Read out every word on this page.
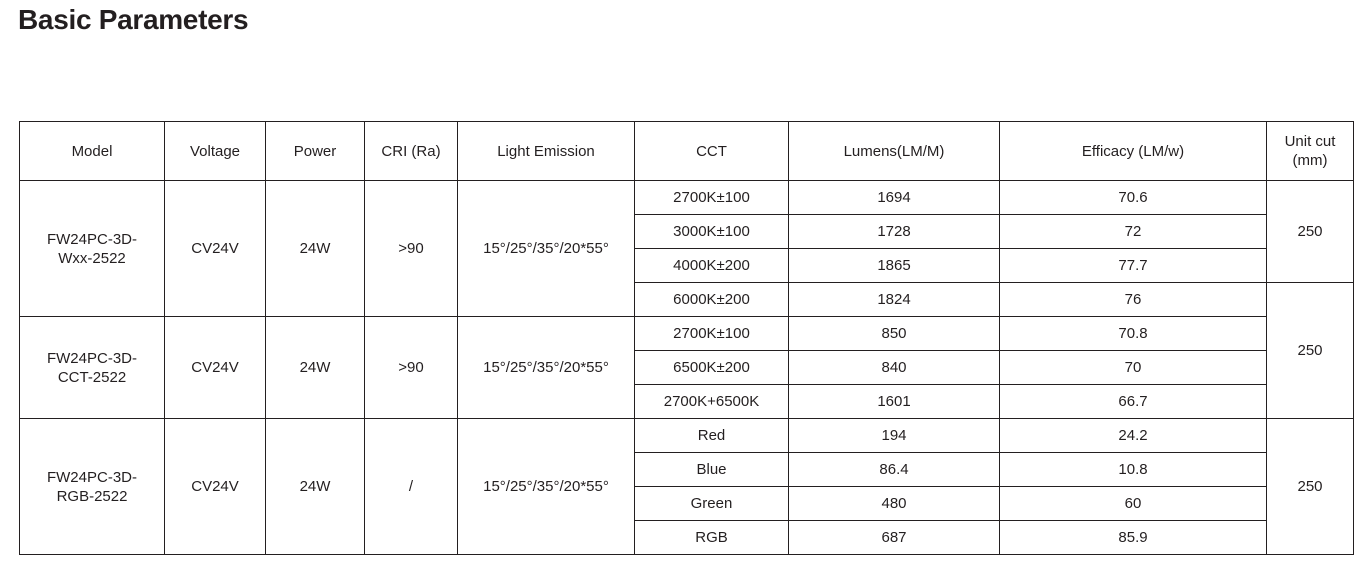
Basic Parameters
Model	Voltage	Power	CRI (Ra)	Light Emission	CCT	Lumens(LM/M)	Efficacy (LM/w)	Unit cut
(mm)
FW24PC-3D-
Wxx-2522	CV24V	24W	>90	15°/25°/35°/20*55°	2700K±100	1694	70.6	250
					3000K±100	1728	72	
					4000K±200	1865	77.7	
					6000K±200	1824	76	250
FW24PC-3D-
CCT-2522	CV24V	24W	>90	15°/25°/35°/20*55°	2700K±100	850	70.8	
					6500K±200	840	70	
					2700K+6500K	1601	66.7	
FW24PC-3D-
RGB-2522	CV24V	24W	/	15°/25°/35°/20*55°	Red	194	24.2	250
					Blue	86.4	10.8	
					Green	480	60	
					RGB	687	85.9	
